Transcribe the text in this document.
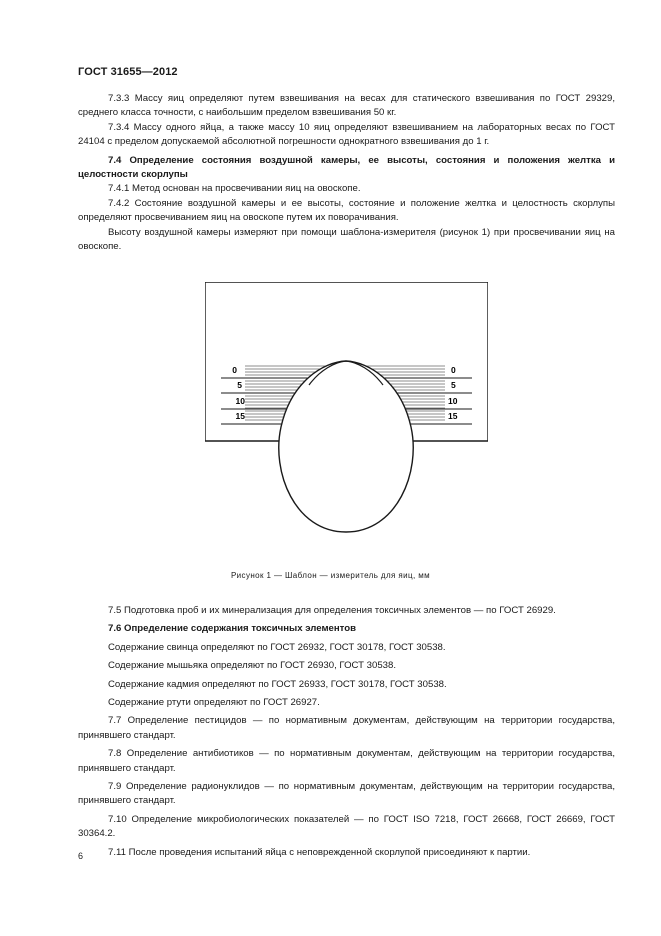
ГОСТ 31655—2012

7.3.3 Массу яиц определяют путем взвешивания на весах для статического взвешивания по ГОСТ 29329, среднего класса точности, с наибольшим пределом взвешивания 50 кг.

7.3.4 Массу одного яйца, а также массу 10 яиц определяют взвешиванием на лабораторных весах по ГОСТ 24104 с пределом допускаемой абсолютной погрешности однократного взвешивания до 1 г.

7.4 Определение состояния воздушной камеры, ее высоты, состояния и положения желтка и целостности скорлупы

7.4.1 Метод основан на просвечивании яиц на овоскопе.

7.4.2 Состояние воздушной камеры и ее высоты, состояние и положение желтка и целостность скорлупы определяют просвечиванием яиц на овоскопе путем их поворачивания.

Высоту воздушной камеры измеряют при помощи шаблона-измерителя (рисунок 1) при просвечивании яиц на овоскопе.

0
5
10
15
0
5
10
15
Рисунок 1 — Шаблон — измеритель для яиц, мм

7.5 Подготовка проб и их минерализация для определения токсичных элементов — по ГОСТ 26929.

7.6 Определение содержания токсичных элементов

Содержание свинца определяют по ГОСТ 26932, ГОСТ 30178, ГОСТ 30538.

Содержание мышьяка определяют по ГОСТ 26930, ГОСТ 30538.

Содержание кадмия определяют по ГОСТ 26933, ГОСТ 30178, ГОСТ 30538.

Содержание ртути определяют по ГОСТ 26927.

7.7 Определение пестицидов — по нормативным документам, действующим на территории государства, принявшего стандарт.

7.8 Определение антибиотиков — по нормативным документам, действующим на территории государства, принявшего стандарт.

7.9 Определение радионуклидов — по нормативным документам, действующим на территории государства, принявшего стандарт.

7.10 Определение микробиологических показателей — по ГОСТ ISO 7218, ГОСТ 26668, ГОСТ 26669, ГОСТ 30364.2.

7.11 После проведения испытаний яйца с неповрежденной скорлупой присоединяют к партии.

6
